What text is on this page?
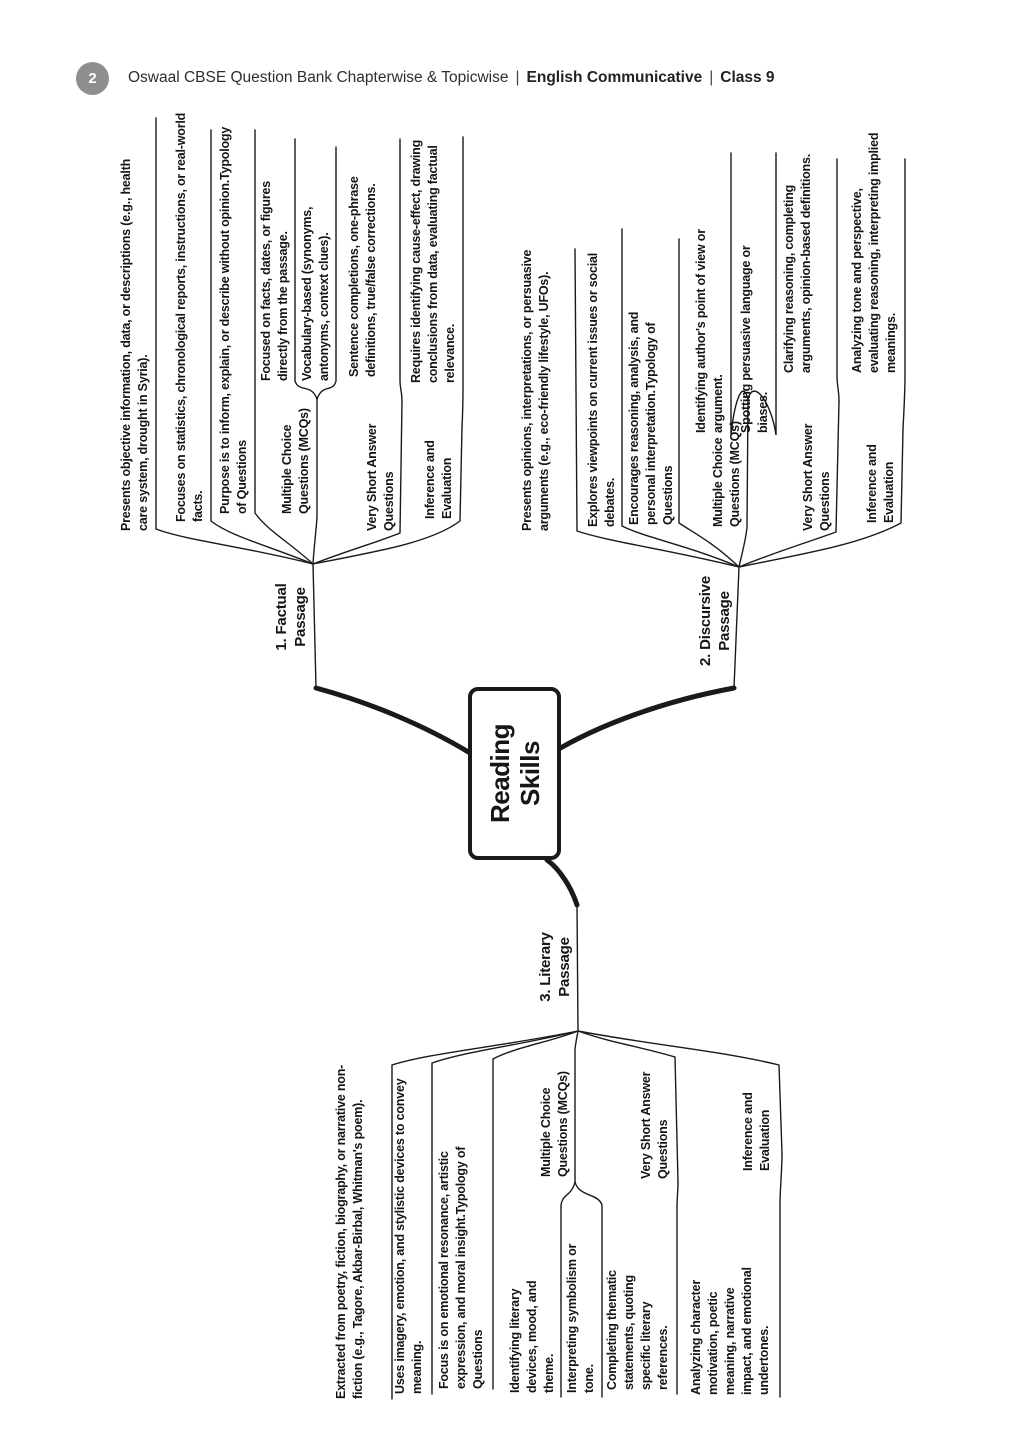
2	Oswaal CBSE Question Bank Chapterwise & Topicwise | English Communicative | Class 9
Reading Skills
1. Factual Passage	2. Discursive Passage
3. Literary Passage
Presents objective information, data, or descriptions (e.g., health care system, drought in Syria). Focuses on statistics, chronological reports, instructions, or real-world facts. Purpose is to inform, explain, or describe without opinion.Typology of Questions Multiple Choice Questions (MCQs)
Focused on facts, dates, or figures directly from the passage. Vocabulary-based (synonyms, antonyms, context clues).
Very Short Answer Questions
Sentence completions, one-phrase definitions, true/false corrections.
Inference and Evaluation
Requires identifying cause-effect, drawing conclusions from data, evaluating factual relevance.	Presents opinions, interpretations, or persuasive arguments (e.g., eco-friendly lifestyle, UFOs).	Explores viewpoints on current issues or social debates. Encourages reasoning, analysis, and personal interpretation.Typology of Questions	Multiple Choice Questions (MCQs)
Identifying author's point of view or argument. Spotting persuasive language or biases.
Very Short Answer Questions
Clarifying reasoning, completing arguments, opinion-based definitions.
Inference and Evaluation
Analyzing tone and perspective, evaluating reasoning, interpreting implied meanings.
Extracted from poetry, fiction, biography, or narrative non-fiction (e.g., Tagore, Akbar-Birbal, Whitman's poem). Uses imagery, emotion, and stylistic devices to convey meaning. Focus is on emotional resonance, artistic expression, and moral insight.Typology of Questions
Multiple Choice Questions (MCQs)
Identifying literary devices, mood, and theme. Interpreting symbolism or tone.
Very Short Answer Questions
Completing thematic statements, quoting specific literary references.
Inference and Evaluation
Analyzing character motivation, poetic meaning, narrative impact, and emotional undertones.
